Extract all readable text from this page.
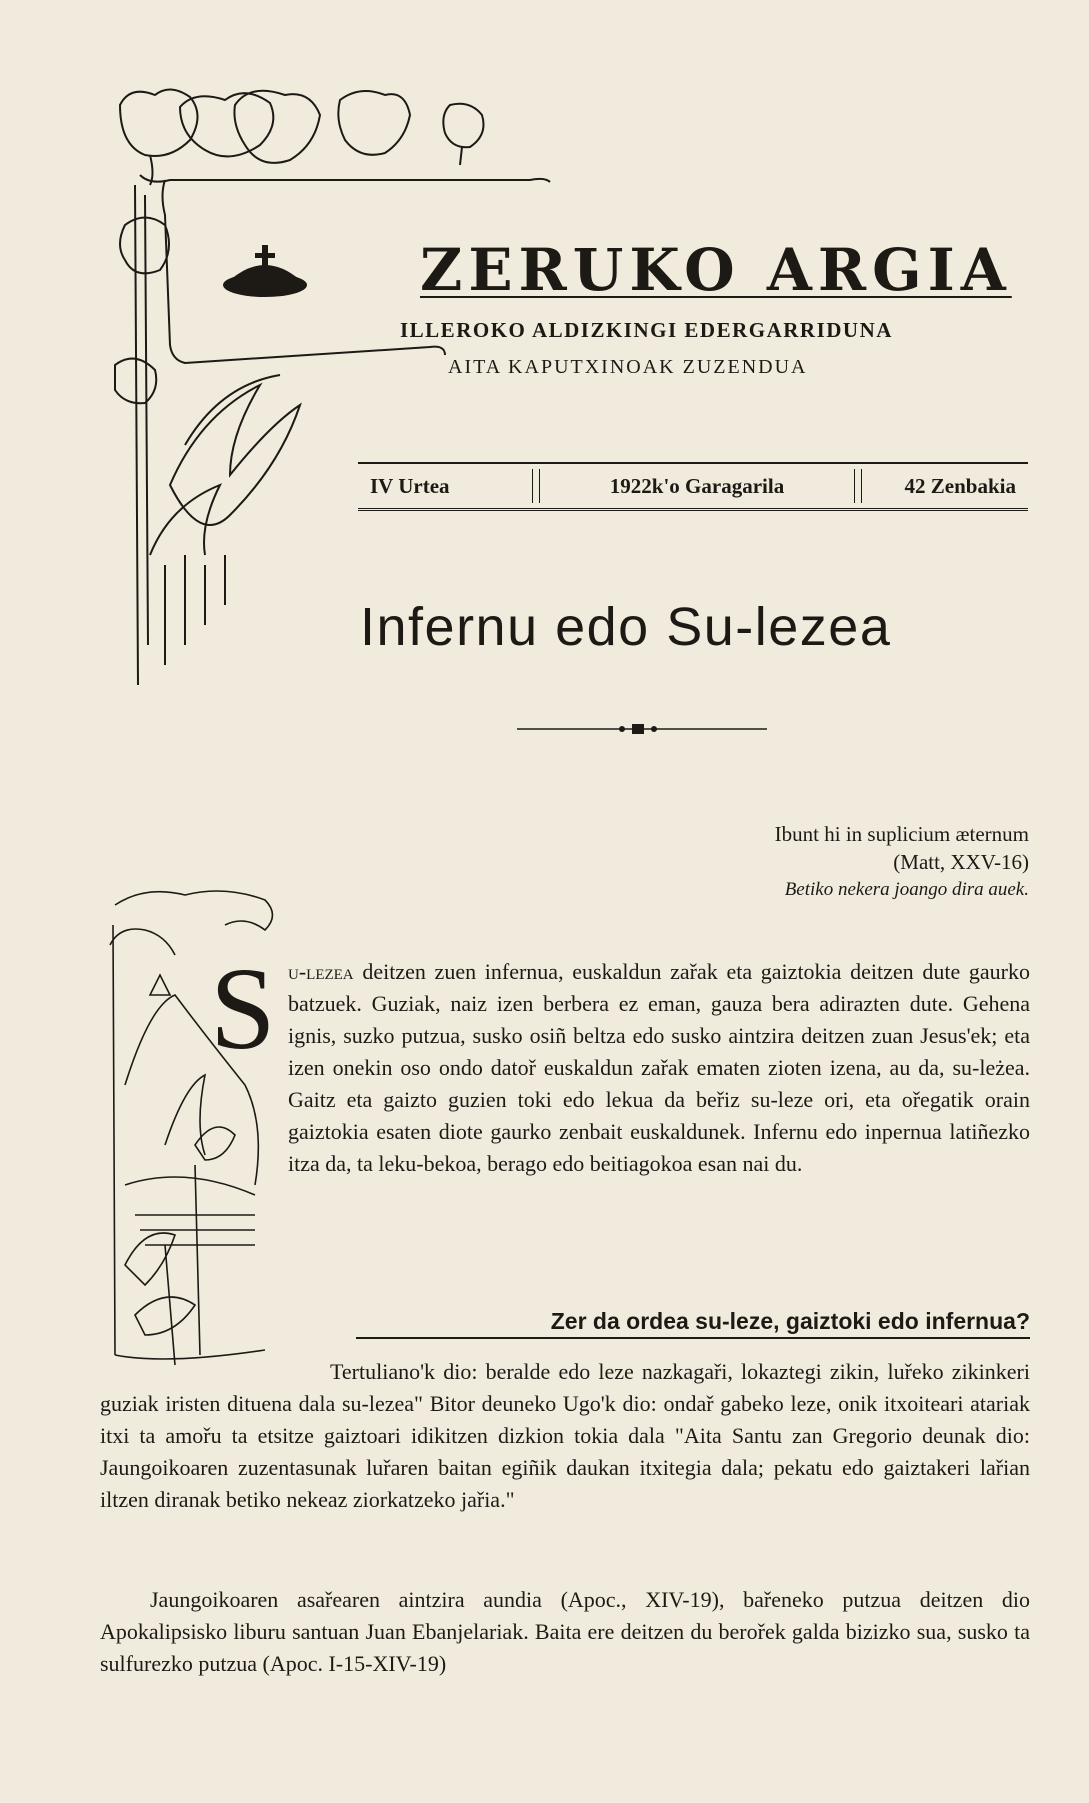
ZERUKO ARGIA
ILLEROKO ALDIZKINGI EDERGARRIDUNA
AITA KAPUTXINOAK ZUZENDUA
IV Urtea	1922k'o Garagarila	42 Zenbakia
Infernu edo Su-lezea
Ibunt hi in suplicium æternum
(Matt, XXV-16)
Betiko nekera joango dira auek.
S u-lezea deitzen zuen infernua, euskaldun zařak eta gaiztokia deitzen dute gaurko batzuek. Guziak, naiz izen berbera ez eman, gauza bera adirazten dute. Gehena ignis, suzko putzua, susko osiñ beltza edo susko aintzira deitzen zuan Jesus'ek; eta izen onekin oso ondo datoř euskaldun zařak ematen zioten izena, au da, su-leżea. Gaitz eta gaizto guzien toki edo lekua da beřiz su-leze ori, eta ořegatik orain gaiztokia esaten diote gaurko zenbait euskaldunek. Infernu edo inpernua latiñezko itza da, ta leku-bekoa, berago edo beitiagokoa esan nai du.
Zer da ordea su-leze, gaiztoki edo infernua?
Tertuliano'k dio: beralde edo leze nazkagaři, lokaztegi zikin, luřeko zikinkeri guziak iristen dituena dala su-lezea" Bitor deuneko Ugo'k dio: ondař gabeko leze, onik itxoiteari atariak itxi ta amořu ta etsitze gaiztoari idikitzen dizkion tokia dala "Aita Santu zan Gregorio deunak dio: Jaungoikoaren zuzentasunak luřaren baitan egiñik daukan itxitegia dala; pekatu edo gaiztakeri lařian iltzen diranak betiko nekeaz ziorkatzeko jařia."
Jaungoikoaren asařearen aintzira aundia (Apoc., XIV-19), bařeneko putzua deitzen dio Apokalipsisko liburu santuan Juan Ebanjelariak. Baita ere deitzen du berořek galda bizizko sua, susko ta sulfurezko putzua (Apoc. I-15-XIV-19)
